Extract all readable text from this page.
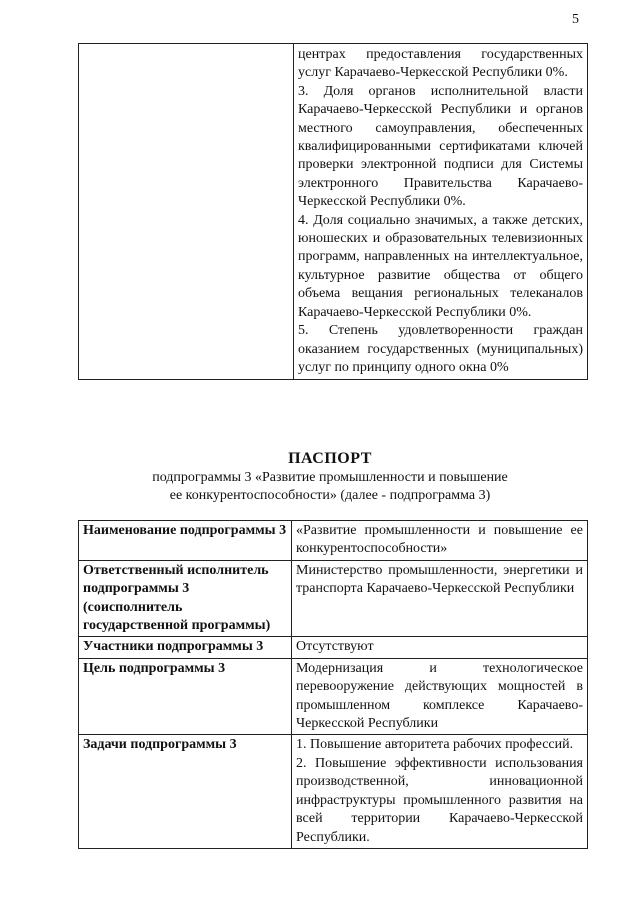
5

центрах предоставления государственных услуг Карачаево-Черкесской Республики 0%.

3. Доля органов исполнительной власти Карачаево-Черкесской Республики и органов местного самоуправления, обеспеченных квалифицированными сертификатами ключей проверки электронной подписи для Системы электронного Правительства Карачаево-Черкесской Республики 0%.

4. Доля социально значимых, а также детских, юношеских и образовательных телевизионных программ, направленных на интеллектуальное, культурное развитие общества от общего объема вещания региональных телеканалов Карачаево-Черкесской Республики 0%.

5. Степень удовлетворенности граждан оказанием государственных (муниципальных) услуг по принципу одного окна 0%

ПАСПОРТ
подпрограммы 3 «Развитие промышленности и повышение
ее конкурентоспособности» (далее - подпрограмма 3)
Наименование подпрограммы 3	«Развитие промышленности и повышение ее конкурентоспособности»
Ответственный исполнитель подпрограммы 3 (соисполнитель государственной программы)	Министерство промышленности, энергетики и транспорта Карачаево-Черкесской Республики
Участники подпрограммы 3	Отсутствуют
Цель подпрограммы 3	Модернизация и технологическое перевооружение действующих мощностей в промышленном комплексе Карачаево-Черкесской Республики
Задачи подпрограммы 3	1. Повышение авторитета рабочих профессий.

2. Повышение эффективности использования производственной, инновационной инфраструктуры промышленного развития на всей территории Карачаево-Черкесской Республики.
